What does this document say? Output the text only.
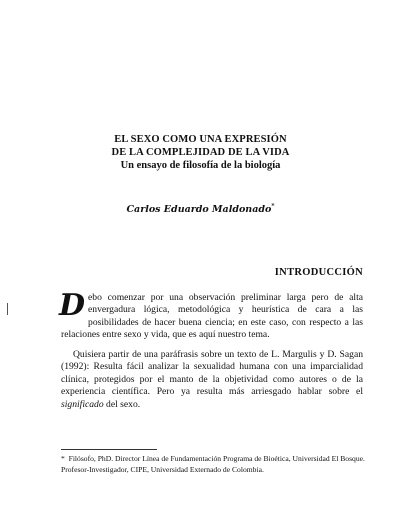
EL SEXO COMO UNA EXPRESIÓN
DE LA COMPLEJIDAD DE LA VIDA
Un ensayo de filosofía de la biología
Carlos Eduardo Maldonado*
INTRODUCCIÓN
Debo comenzar por una observación preliminar larga pero de alta envergadura lógica, metodológica y heurística de cara a las posibilidades de hacer buena ciencia; en este caso, con respecto a las relaciones entre sexo y vida, que es aquí nuestro tema.
Quisiera partir de una paráfrasis sobre un texto de L. Margulis y D. Sagan (1992): Resulta fácil analizar la sexualidad humana con una imparcialidad clínica, protegidos por el manto de la objetividad como autores o de la experiencia científica. Pero ya resulta más arriesgado hablar sobre el significado del sexo.
* Filósofo, PhD. Director Línea de Fundamentación Programa de Bioética, Universidad El Bosque. Profesor-Investigador, CIPE, Universidad Externado de Colombia.
